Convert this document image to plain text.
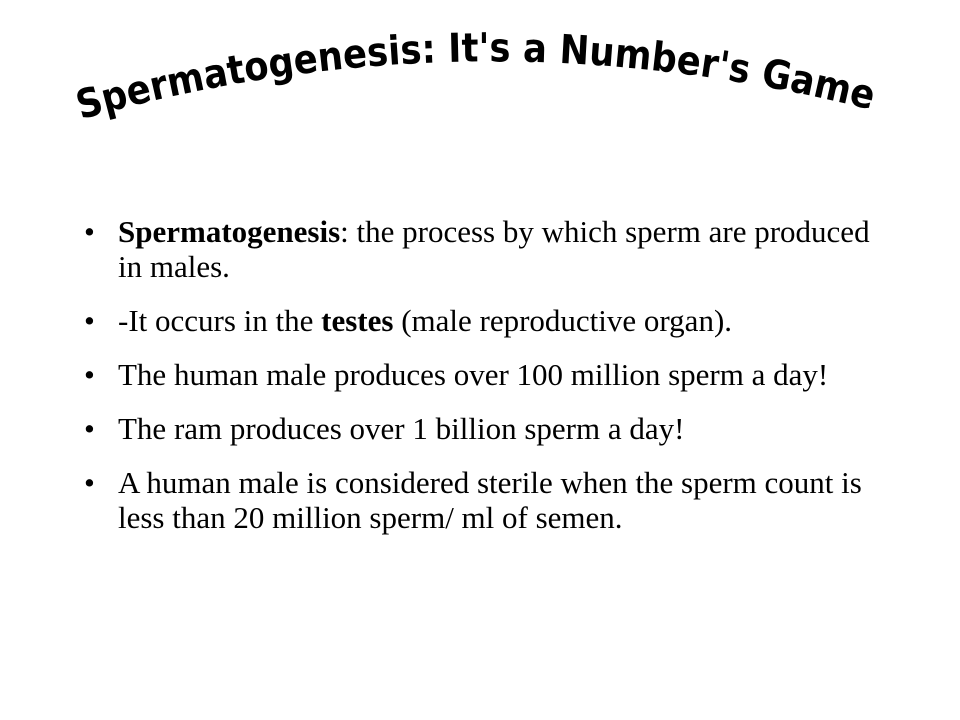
Spermatogenesis: It's a Number's Game
• Spermatogenesis: the process by which sperm are produced in males.
• -It occurs in the testes (male reproductive organ).
• The human male produces over 100 million sperm a day!
• The ram produces over 1 billion sperm a day!
• A human male is considered sterile when the sperm count is less than 20 million sperm/ ml of semen.
